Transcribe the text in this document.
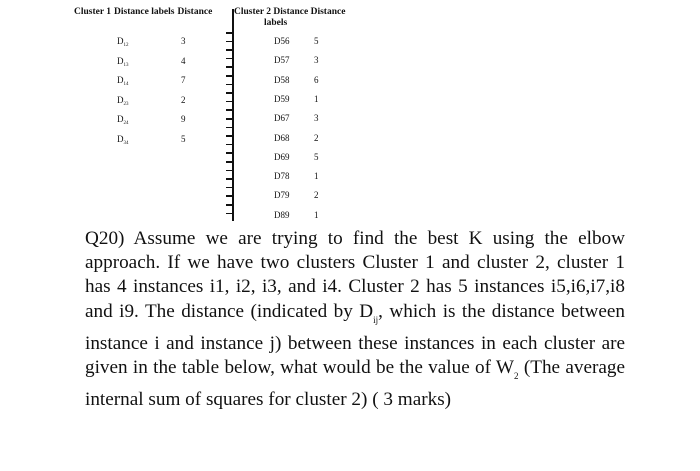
Cluster 1 Distance labels Distance	Cluster 2 Distance Distance
labels
$D_{12}$	3
$D_{13}$	4
$D_{14}$	7
$D_{23}$	2
$D_{24}$	9
$D_{34}$	5
D56	5
D57	3
D58	6
D59	1
D67	3
D68	2
D69	5
D78	1
D79	2
D89	1

Q20) Assume we are trying to find the best K using the elbow approach. If we have two clusters Cluster 1 and cluster 2, cluster 1 has 4 instances i1, i2, i3, and i4. Cluster 2 has 5 instances i5,i6,i7,i8 and i9. The distance (indicated by $D_{ij}$, which is the distance between instance i and instance j) between these instances in each cluster are given in the table below, what would be the value of $W_2$ (The average internal sum of squares for cluster 2) ( 3 marks)
